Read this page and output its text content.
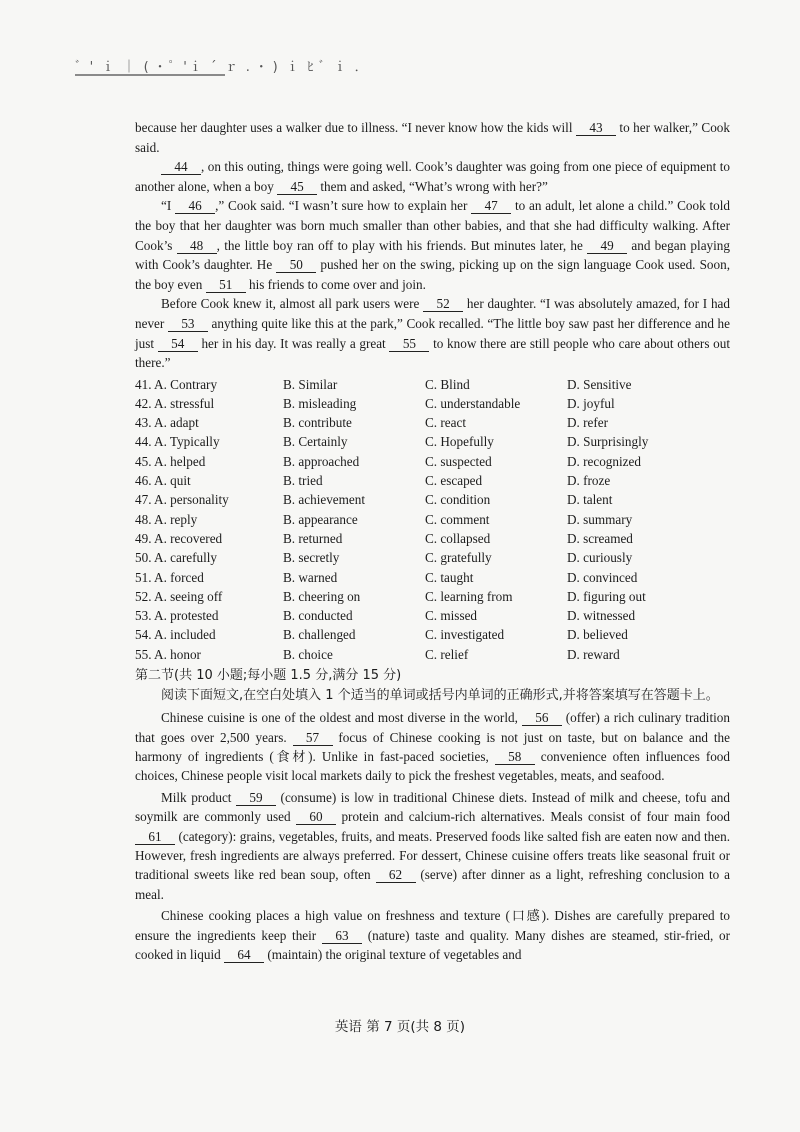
ﾞ ' ｉ ｜ ( ･ ﾟ 'ｉ ˊ ｒ . ･ ) ｉ ﾋ ﾞ ｉ ．

because her daughter uses a walker due to illness. “I never know how the kids will 43 to her walker,” Cook said.

44 , on this outing, things were going well. Cook’s daughter was going from one piece of equipment to another alone, when a boy 45 them and asked, “What’s wrong with her?”

“I 46 ,” Cook said. “I wasn’t sure how to explain her 47 to an adult, let alone a child.” Cook told the boy that her daughter was born much smaller than other babies, and that she had difficulty walking. After Cook’s 48 , the little boy ran off to play with his friends. But minutes later, he 49 and began playing with Cook’s daughter. He 50 pushed her on the swing, picking up on the sign language Cook used. Soon, the boy even 51 his friends to come over and join.

Before Cook knew it, almost all park users were 52 her daughter. “I was absolutely amazed, for I had never 53 anything quite like this at the park,” Cook recalled. “The little boy saw past her difference and he just 54 her in his day. It was really a great 55 to know there are still people who care about others out there.”

41. A. Contrary	B. Similar	C. Blind	D. Sensitive
42. A. stressful	B. misleading	C. understandable	D. joyful
43. A. adapt	B. contribute	C. react	D. refer
44. A. Typically	B. Certainly	C. Hopefully	D. Surprisingly
45. A. helped	B. approached	C. suspected	D. recognized
46. A. quit	B. tried	C. escaped	D. froze
47. A. personality	B. achievement	C. condition	D. talent
48. A. reply	B. appearance	C. comment	D. summary
49. A. recovered	B. returned	C. collapsed	D. screamed
50. A. carefully	B. secretly	C. gratefully	D. curiously
51. A. forced	B. warned	C. taught	D. convinced
52. A. seeing off	B. cheering on	C. learning from	D. figuring out
53. A. protested	B. conducted	C. missed	D. witnessed
54. A. included	B. challenged	C. investigated	D. believed
55. A. honor	B. choice	C. relief	D. reward
第二节(共 10 小题;每小题 1.5 分,满分 15 分)
阅读下面短文,在空白处填入 1 个适当的单词或括号内单词的正确形式,并将答案填写在答题卡上。

Chinese cuisine is one of the oldest and most diverse in the world, 56 (offer) a rich culinary tradition that goes over 2,500 years. 57 focus of Chinese cooking is not just on taste, but on balance and the harmony of ingredients (食材). Unlike in fast-paced societies, 58 convenience often influences food choices, Chinese people visit local markets daily to pick the freshest vegetables, meats, and seafood.

Milk product 59 (consume) is low in traditional Chinese diets. Instead of milk and cheese, tofu and soymilk are commonly used 60 protein and calcium-rich alternatives. Meals consist of four main food 61 (category): grains, vegetables, fruits, and meats. Preserved foods like salted fish are eaten now and then. However, fresh ingredients are always preferred. For dessert, Chinese cuisine offers treats like seasonal fruit or traditional sweets like red bean soup, often 62 (serve) after dinner as a light, refreshing conclusion to a meal.

Chinese cooking places a high value on freshness and texture (口感). Dishes are carefully prepared to ensure the ingredients keep their 63 (nature) taste and quality. Many dishes are steamed, stir-fried, or cooked in liquid 64 (maintain) the original texture of vegetables and

英语 第 7 页(共 8 页)
